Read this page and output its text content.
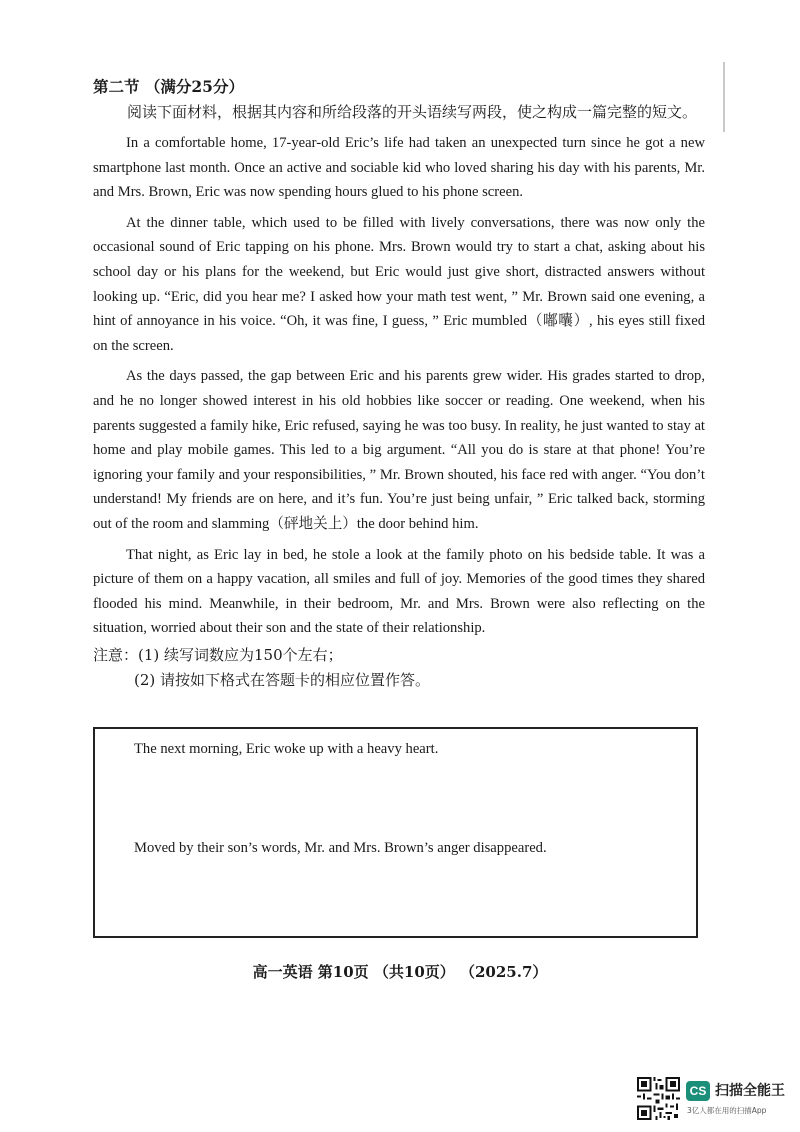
第二节 （满分25分）

阅读下面材料，根据其内容和所给段落的开头语续写两段，使之构成一篇完整的短文。

In a comfortable home, 17-year-old Eric’s life had taken an unexpected turn since he got a new smartphone last month. Once an active and sociable kid who loved sharing his day with his parents, Mr. and Mrs. Brown, Eric was now spending hours glued to his phone screen.

At the dinner table, which used to be filled with lively conversations, there was now only the occasional sound of Eric tapping on his phone. Mrs. Brown would try to start a chat, asking about his school day or his plans for the weekend, but Eric would just give short, distracted answers without looking up. “Eric, did you hear me? I asked how your math test went, ” Mr. Brown said one evening, a hint of annoyance in his voice. “Oh, it was fine, I guess, ” Eric mumbled（嘟囔）, his eyes still fixed on the screen.

As the days passed, the gap between Eric and his parents grew wider. His grades started to drop, and he no longer showed interest in his old hobbies like soccer or reading. One weekend, when his parents suggested a family hike, Eric refused, saying he was too busy. In reality, he just wanted to stay at home and play mobile games. This led to a big argument. “All you do is stare at that phone! You’re ignoring your family and your responsibilities, ” Mr. Brown shouted, his face red with anger. “You don’t understand! My friends are on here, and it’s fun. You’re just being unfair, ” Eric talked back, storming out of the room and slamming（砰地关上）the door behind him.

That night, as Eric lay in bed, he stole a look at the family photo on his bedside table. It was a picture of them on a happy vacation, all smiles and full of joy. Memories of the good times they shared flooded his mind. Meanwhile, in their bedroom, Mr. and Mrs. Brown were also reflecting on the situation, worried about their son and the state of their relationship.

注意：(1) 续写词数应为150个左右；
(2) 请按如下格式在答题卡的相应位置作答。

The next morning, Eric woke up with a heavy heart.

Moved by their son’s words, Mr. and Mrs. Brown’s anger disappeared.

高一英语 第10页 （共10页） （2025.7）
CS 扫描全能王
3亿人都在用的扫描App
